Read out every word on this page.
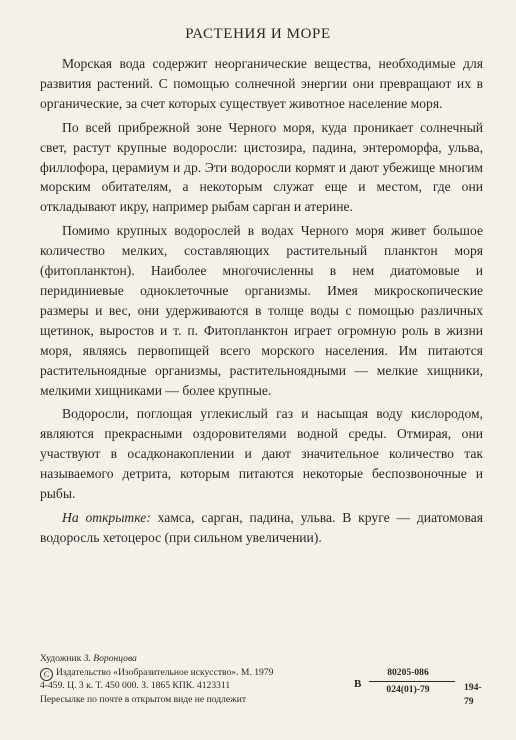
РАСТЕНИЯ И МОРЕ

Морская вода содержит неорганические вещества, необходимые для развития растений. С помощью солнечной энергии они превращают их в органические, за счет которых существует животное население моря.

По всей прибрежной зоне Черного моря, куда проникает солнечный свет, растут крупные водоросли: цистозира, падина, энтероморфа, ульва, филлофора, церамиум и др. Эти водоросли кормят и дают убежище многим морским обитателям, а некоторым служат еще и местом, где они откладывают икру, например рыбам сарган и атерине.

Помимо крупных водорослей в водах Черного моря живет большое количество мелких, составляющих растительный планктон моря (фитопланктон). Наиболее многочисленны в нем диатомовые и перидиниевые одноклеточные организмы. Имея микроскопические размеры и вес, они удерживаются в толще воды с помощью различных щетинок, выростов и т. п. Фитопланктон играет огромную роль в жизни моря, являясь первопищей всего морского населения. Им питаются растительноядные организмы, растительноядными — мелкие хищники, мелкими хищниками — более крупные.

Водоросли, поглощая углекислый газ и насыщая воду кислородом, являются прекрасными оздоровителями водной среды. Отмирая, они участвуют в осадконакоплении и дают значительное количество так называемого детрита, которым питаются некоторые беспозвоночные и рыбы.

На открытке: хамса, сарган, падина, ульва. В круге — диатомовая водоросль хетоцерос (при сильном увеличении).

Художник З. Воронцова
C Издательство «Изобразительное искусство». М. 1979
4-459. Ц. 3 к. Т. 450 000. З. 1865 КПК. 4123311
Пересылке по почте в открытом виде не подлежит
В
80205-086
024(01)-79	194-79
